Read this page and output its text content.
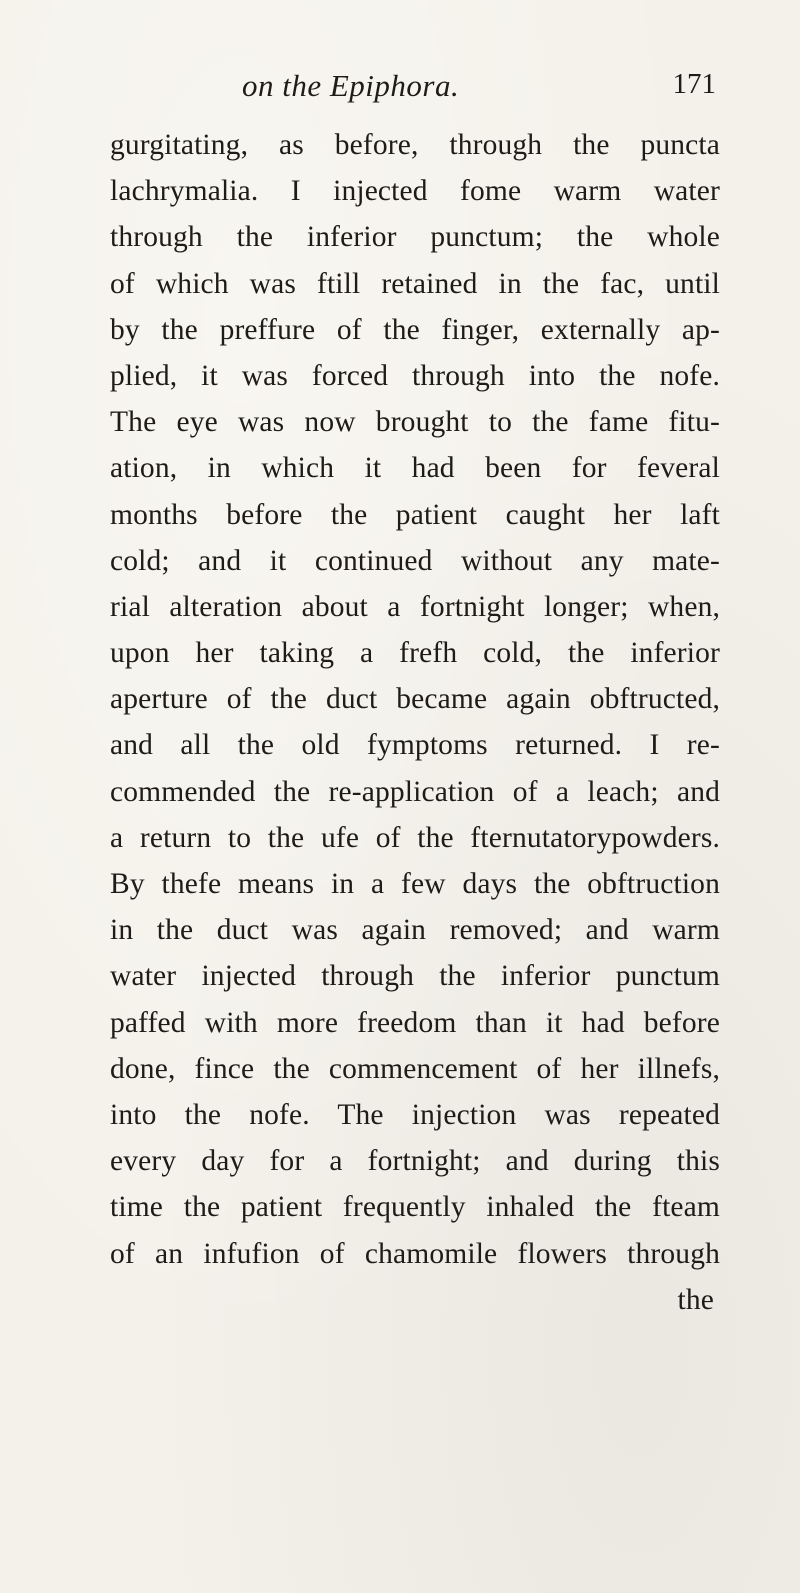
on the Epiphora.	171
gurgitating, as before, through the puncta
lachrymalia. I injected fome warm water
through the inferior punctum; the whole
of which was ftill retained in the fac, until
by the preffure of the finger, externally ap-
plied, it was forced through into the nofe.
The eye was now brought to the fame fitu-
ation, in which it had been for feveral
months before the patient caught her laft
cold; and it continued without any mate-
rial alteration about a fortnight longer; when,
upon her taking a frefh cold, the inferior
aperture of the duct became again obftructed,
and all the old fymptoms returned. I re-
commended the re-application of a leach; and
a return to the ufe of the fternutatorypowders.
By thefe means in a few days the obftruction
in the duct was again removed; and warm
water injected through the inferior punctum
paffed with more freedom than it had before
done, fince the commencement of her illnefs,
into the nofe. The injection was repeated
every day for a fortnight; and during this
time the patient frequently inhaled the fteam
of an infufion of chamomile flowers through
the
